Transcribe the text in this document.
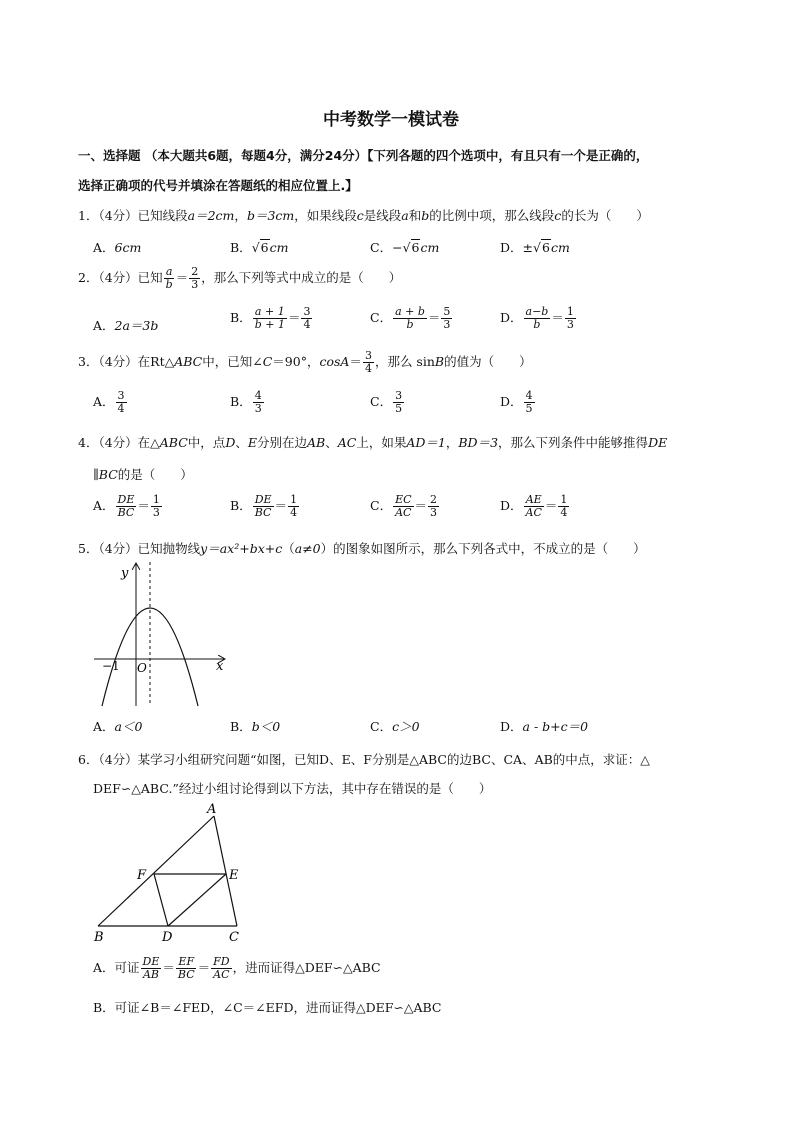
中考数学一模试卷
一、选择题 （本大题共6题，每题4分，满分24分）【下列各题的四个选项中，有且只有一个是正确的，
选择正确项的代号并填涂在答题纸的相应位置上.】
1．（4分）已知线段a＝2cm，b＝3cm，如果线段c是线段a和b的比例中项，那么线段c的长为（　　）
A．6cm	B．√6cm	C．−√6cm	D．±√6cm
2．（4分）已知 $\frac{a}{b} = \frac{2}{3}$ ，那么下列等式中成立的是（　　）
A．2a＝3b
B． $\frac{a + 1}{b + 1} = \frac{3}{4}$	C． $\frac{a + b}{b} = \frac{5}{3}$	D． $\frac{a-b}{b} = \frac{1}{3}$
3．（4分）在Rt△ABC中，已知∠C＝90°，$\cos A= \frac{3}{4}$ ，那么 sinB的值为（　　）
A． $\frac{3}{4}$	B． $\frac{4}{3}$	C． $\frac{3}{5}$	D． $\frac{4}{5}$
4．（4分）在△ABC中，点D、E分别在边AB、AC上，如果AD＝1，BD＝3，那么下列条件中能够推得DE
∥BC的是（　　）
A． $\frac{DE}{BC} = \frac{1}{3}$	B． $\frac{DE}{BC} = \frac{1}{4}$	C． $\frac{EC}{AC} = \frac{2}{3}$	D． $\frac{AE}{AC} = \frac{1}{4}$
5．（4分）已知抛物线y＝ax²+bx+c（a≠0）的图象如图所示，那么下列各式中，不成立的是（　　）
y
x
O
−1
A．a＜0	B．b＜0	C．c＞0	D．a - b+c＝0
6．（4分）某学习小组研究问题“如图，已知D、E、F分别是△ABC的边BC、CA、AB的中点，求证：△
DEF∽△ABC.”经过小组讨论得到以下方法，其中存在错误的是（　　）
A
B	C
D
E
F
A．可证 $\frac{DE}{AB} = \frac{EF}{BC} = \frac{FD}{AC}$ ，进而证得△DEF∽△ABC
B．可证∠B＝∠FED，∠C＝∠EFD，进而证得△DEF∽△ABC
